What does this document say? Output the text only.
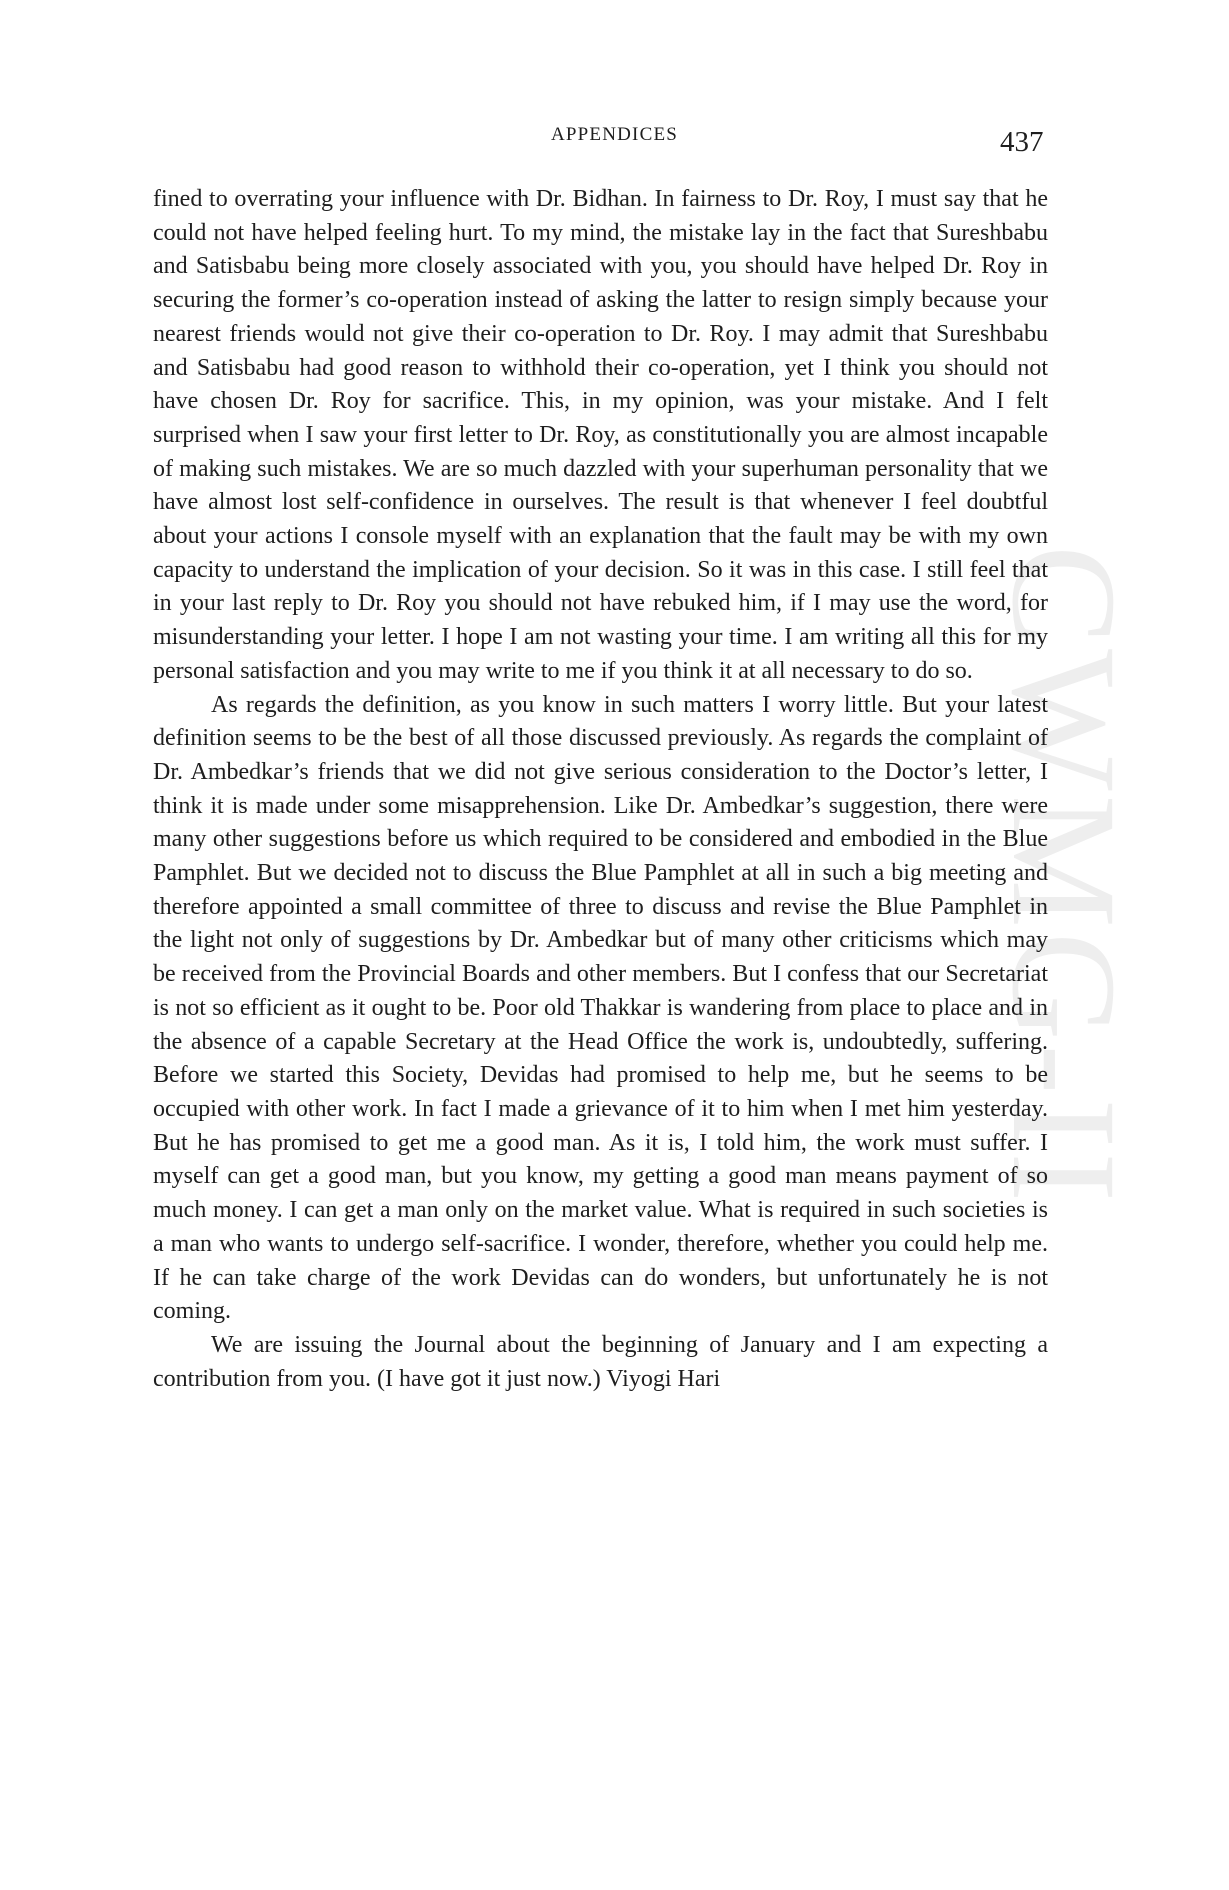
APPENDICES	437
CWMG-II

fined to overrating your influence with Dr. Bidhan. In fairness to Dr. Roy, I must say that he could not have helped feeling hurt. To my mind, the mistake lay in the fact that Sureshbabu and Satisbabu being more closely associated with you, you should have helped Dr. Roy in securing the former’s co-operation instead of asking the latter to resign simply because your nearest friends would not give their co-operation to Dr. Roy. I may admit that Sureshbabu and Satisbabu had good reason to withhold their co-operation, yet I think you should not have chosen Dr. Roy for sacrifice. This, in my opinion, was your mistake. And I felt surprised when I saw your first letter to Dr. Roy, as constitutionally you are almost incapable of making such mistakes. We are so much dazzled with your superhuman personality that we have almost lost self-confidence in ourselves. The result is that whenever I feel doubtful about your actions I console myself with an explanation that the fault may be with my own capacity to understand the implication of your decision. So it was in this case. I still feel that in your last reply to Dr. Roy you should not have rebuked him, if I may use the word, for misunderstanding your letter. I hope I am not wasting your time. I am writing all this for my personal satisfaction and you may write to me if you think it at all necessary to do so.

As regards the definition, as you know in such matters I worry little. But your latest definition seems to be the best of all those discussed previously. As regards the complaint of Dr. Ambedkar’s friends that we did not give serious consideration to the Doctor’s letter, I think it is made under some misapprehension. Like Dr. Ambedkar’s suggestion, there were many other suggestions before us which required to be considered and embodied in the Blue Pamphlet. But we decided not to discuss the Blue Pamphlet at all in such a big meeting and therefore appointed a small committee of three to discuss and revise the Blue Pamphlet in the light not only of suggestions by Dr. Ambedkar but of many other criticisms which may be received from the Provincial Boards and other members. But I confess that our Secretariat is not so efficient as it ought to be. Poor old Thakkar is wandering from place to place and in the absence of a capable Secretary at the Head Office the work is, undoubtedly, suffering. Before we started this Society, Devidas had promised to help me, but he seems to be occupied with other work. In fact I made a grievance of it to him when I met him yesterday. But he has promised to get me a good man. As it is, I told him, the work must suffer. I myself can get a good man, but you know, my getting a good man means payment of so much money. I can get a man only on the market value. What is required in such societies is a man who wants to undergo self-sacrifice. I wonder, therefore, whether you could help me. If he can take charge of the work Devidas can do wonders, but unfortunately he is not coming.

We are issuing the Journal about the beginning of January and I am expecting a contribution from you. (I have got it just now.) Viyogi Hari
